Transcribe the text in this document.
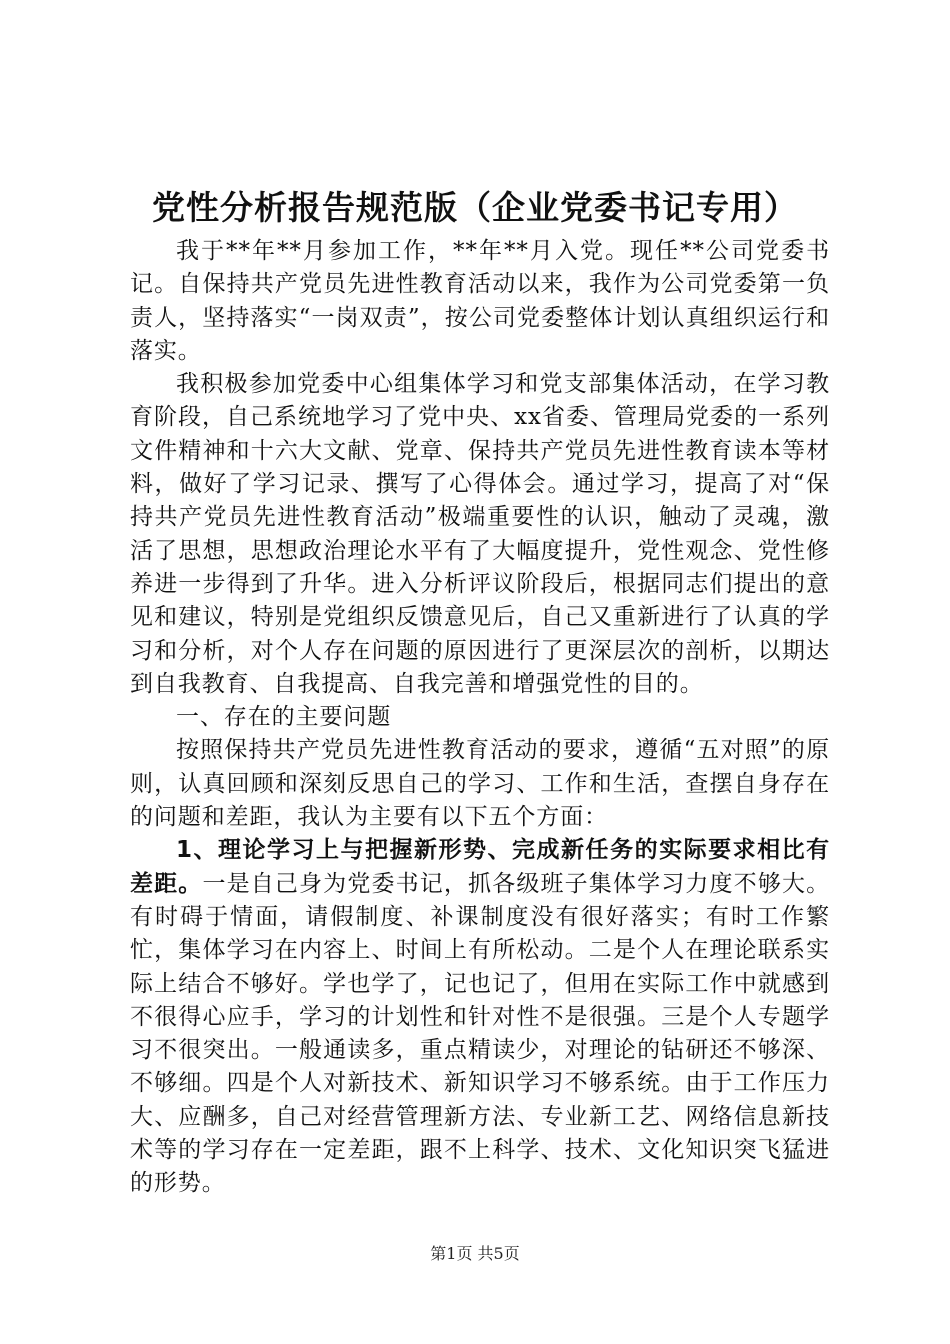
党性分析报告规范版（企业党委书记专用）

我于**年**月参加工作，**年**月入党。现任**公司党委书记。自保持共产党员先进性教育活动以来，我作为公司党委第一负责人，坚持落实“一岗双责”，按公司党委整体计划认真组织运行和落实。

我积极参加党委中心组集体学习和党支部集体活动，在学习教育阶段，自己系统地学习了党中央、xx省委、管理局党委的一系列文件精神和十六大文献、党章、保持共产党员先进性教育读本等材料，做好了学习记录、撰写了心得体会。通过学习，提高了对“保持共产党员先进性教育活动”极端重要性的认识，触动了灵魂，激活了思想，思想政治理论水平有了大幅度提升，党性观念、党性修养进一步得到了升华。进入分析评议阶段后，根据同志们提出的意见和建议，特别是党组织反馈意见后，自己又重新进行了认真的学习和分析，对个人存在问题的原因进行了更深层次的剖析，以期达到自我教育、自我提高、自我完善和增强党性的目的。

一、存在的主要问题

按照保持共产党员先进性教育活动的要求，遵循“五对照”的原则，认真回顾和深刻反思自己的学习、工作和生活，查摆自身存在的问题和差距，我认为主要有以下五个方面：

1、理论学习上与把握新形势、完成新任务的实际要求相比有差距。一是自己身为党委书记，抓各级班子集体学习力度不够大。有时碍于情面，请假制度、补课制度没有很好落实；有时工作繁忙，集体学习在内容上、时间上有所松动。二是个人在理论联系实际上结合不够好。学也学了，记也记了，但用在实际工作中就感到不很得心应手，学习的计划性和针对性不是很强。三是个人专题学习不很突出。一般通读多，重点精读少，对理论的钻研还不够深、不够细。四是个人对新技术、新知识学习不够系统。由于工作压力大、应酬多，自己对经营管理新方法、专业新工艺、网络信息新技术等的学习存在一定差距，跟不上科学、技术、文化知识突飞猛进的形势。

第1页 共5页
